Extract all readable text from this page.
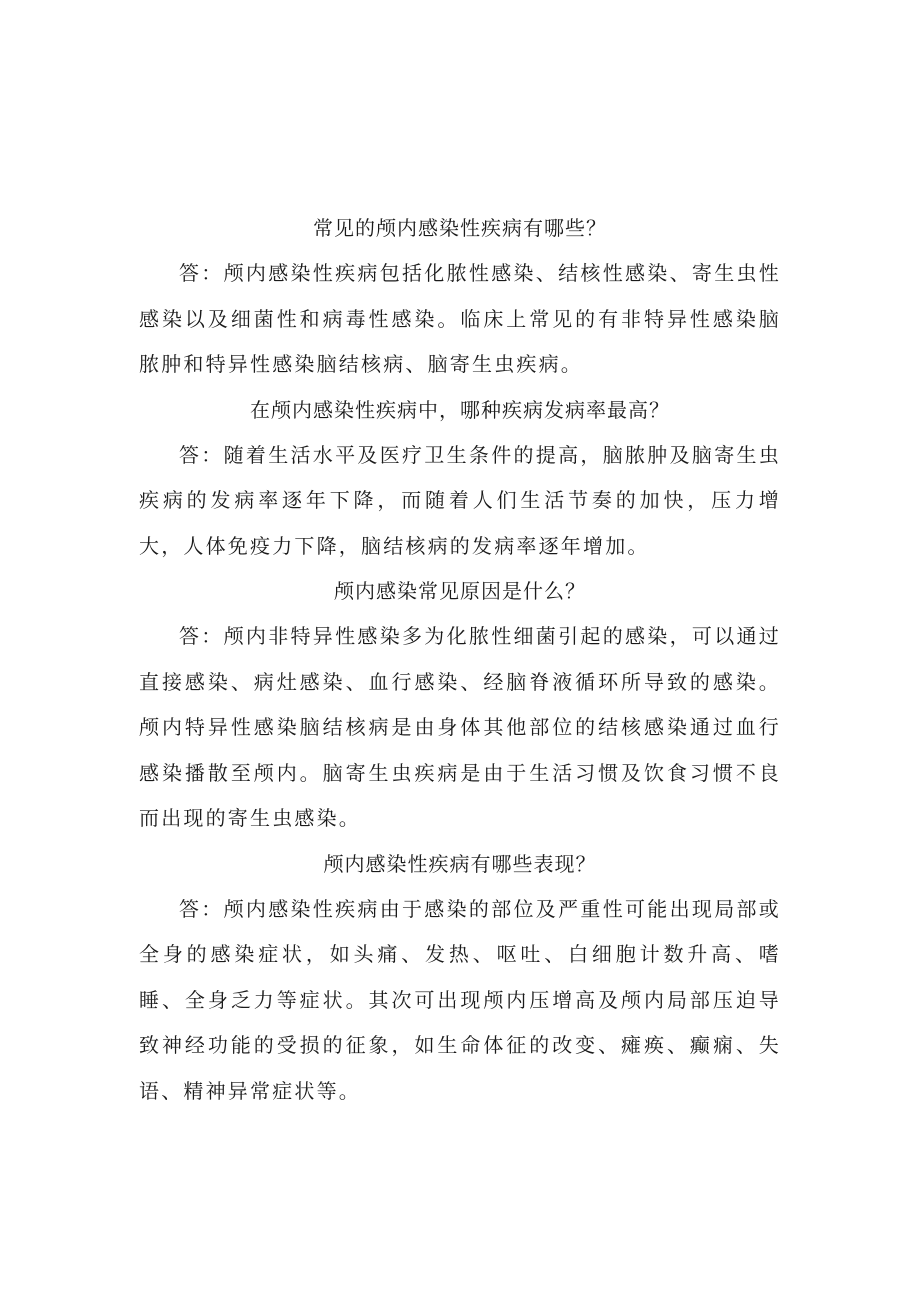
常见的颅内感染性疾病有哪些？

答：颅内感染性疾病包括化脓性感染、结核性感染、寄生虫性感染以及细菌性和病毒性感染。临床上常见的有非特异性感染脑脓肿和特异性感染脑结核病、脑寄生虫疾病。

在颅内感染性疾病中，哪种疾病发病率最高？

答：随着生活水平及医疗卫生条件的提高，脑脓肿及脑寄生虫疾病的发病率逐年下降，而随着人们生活节奏的加快，压力增大，人体免疫力下降，脑结核病的发病率逐年增加。

颅内感染常见原因是什么？

答：颅内非特异性感染多为化脓性细菌引起的感染，可以通过直接感染、病灶感染、血行感染、经脑脊液循环所导致的感染。颅内特异性感染脑结核病是由身体其他部位的结核感染通过血行感染播散至颅内。脑寄生虫疾病是由于生活习惯及饮食习惯不良而出现的寄生虫感染。

颅内感染性疾病有哪些表现？

答：颅内感染性疾病由于感染的部位及严重性可能出现局部或全身的感染症状，如头痛、发热、呕吐、白细胞计数升高、嗜睡、全身乏力等症状。其次可出现颅内压增高及颅内局部压迫导致神经功能的受损的征象，如生命体征的改变、瘫痪、癫痫、失语、精神异常症状等。
